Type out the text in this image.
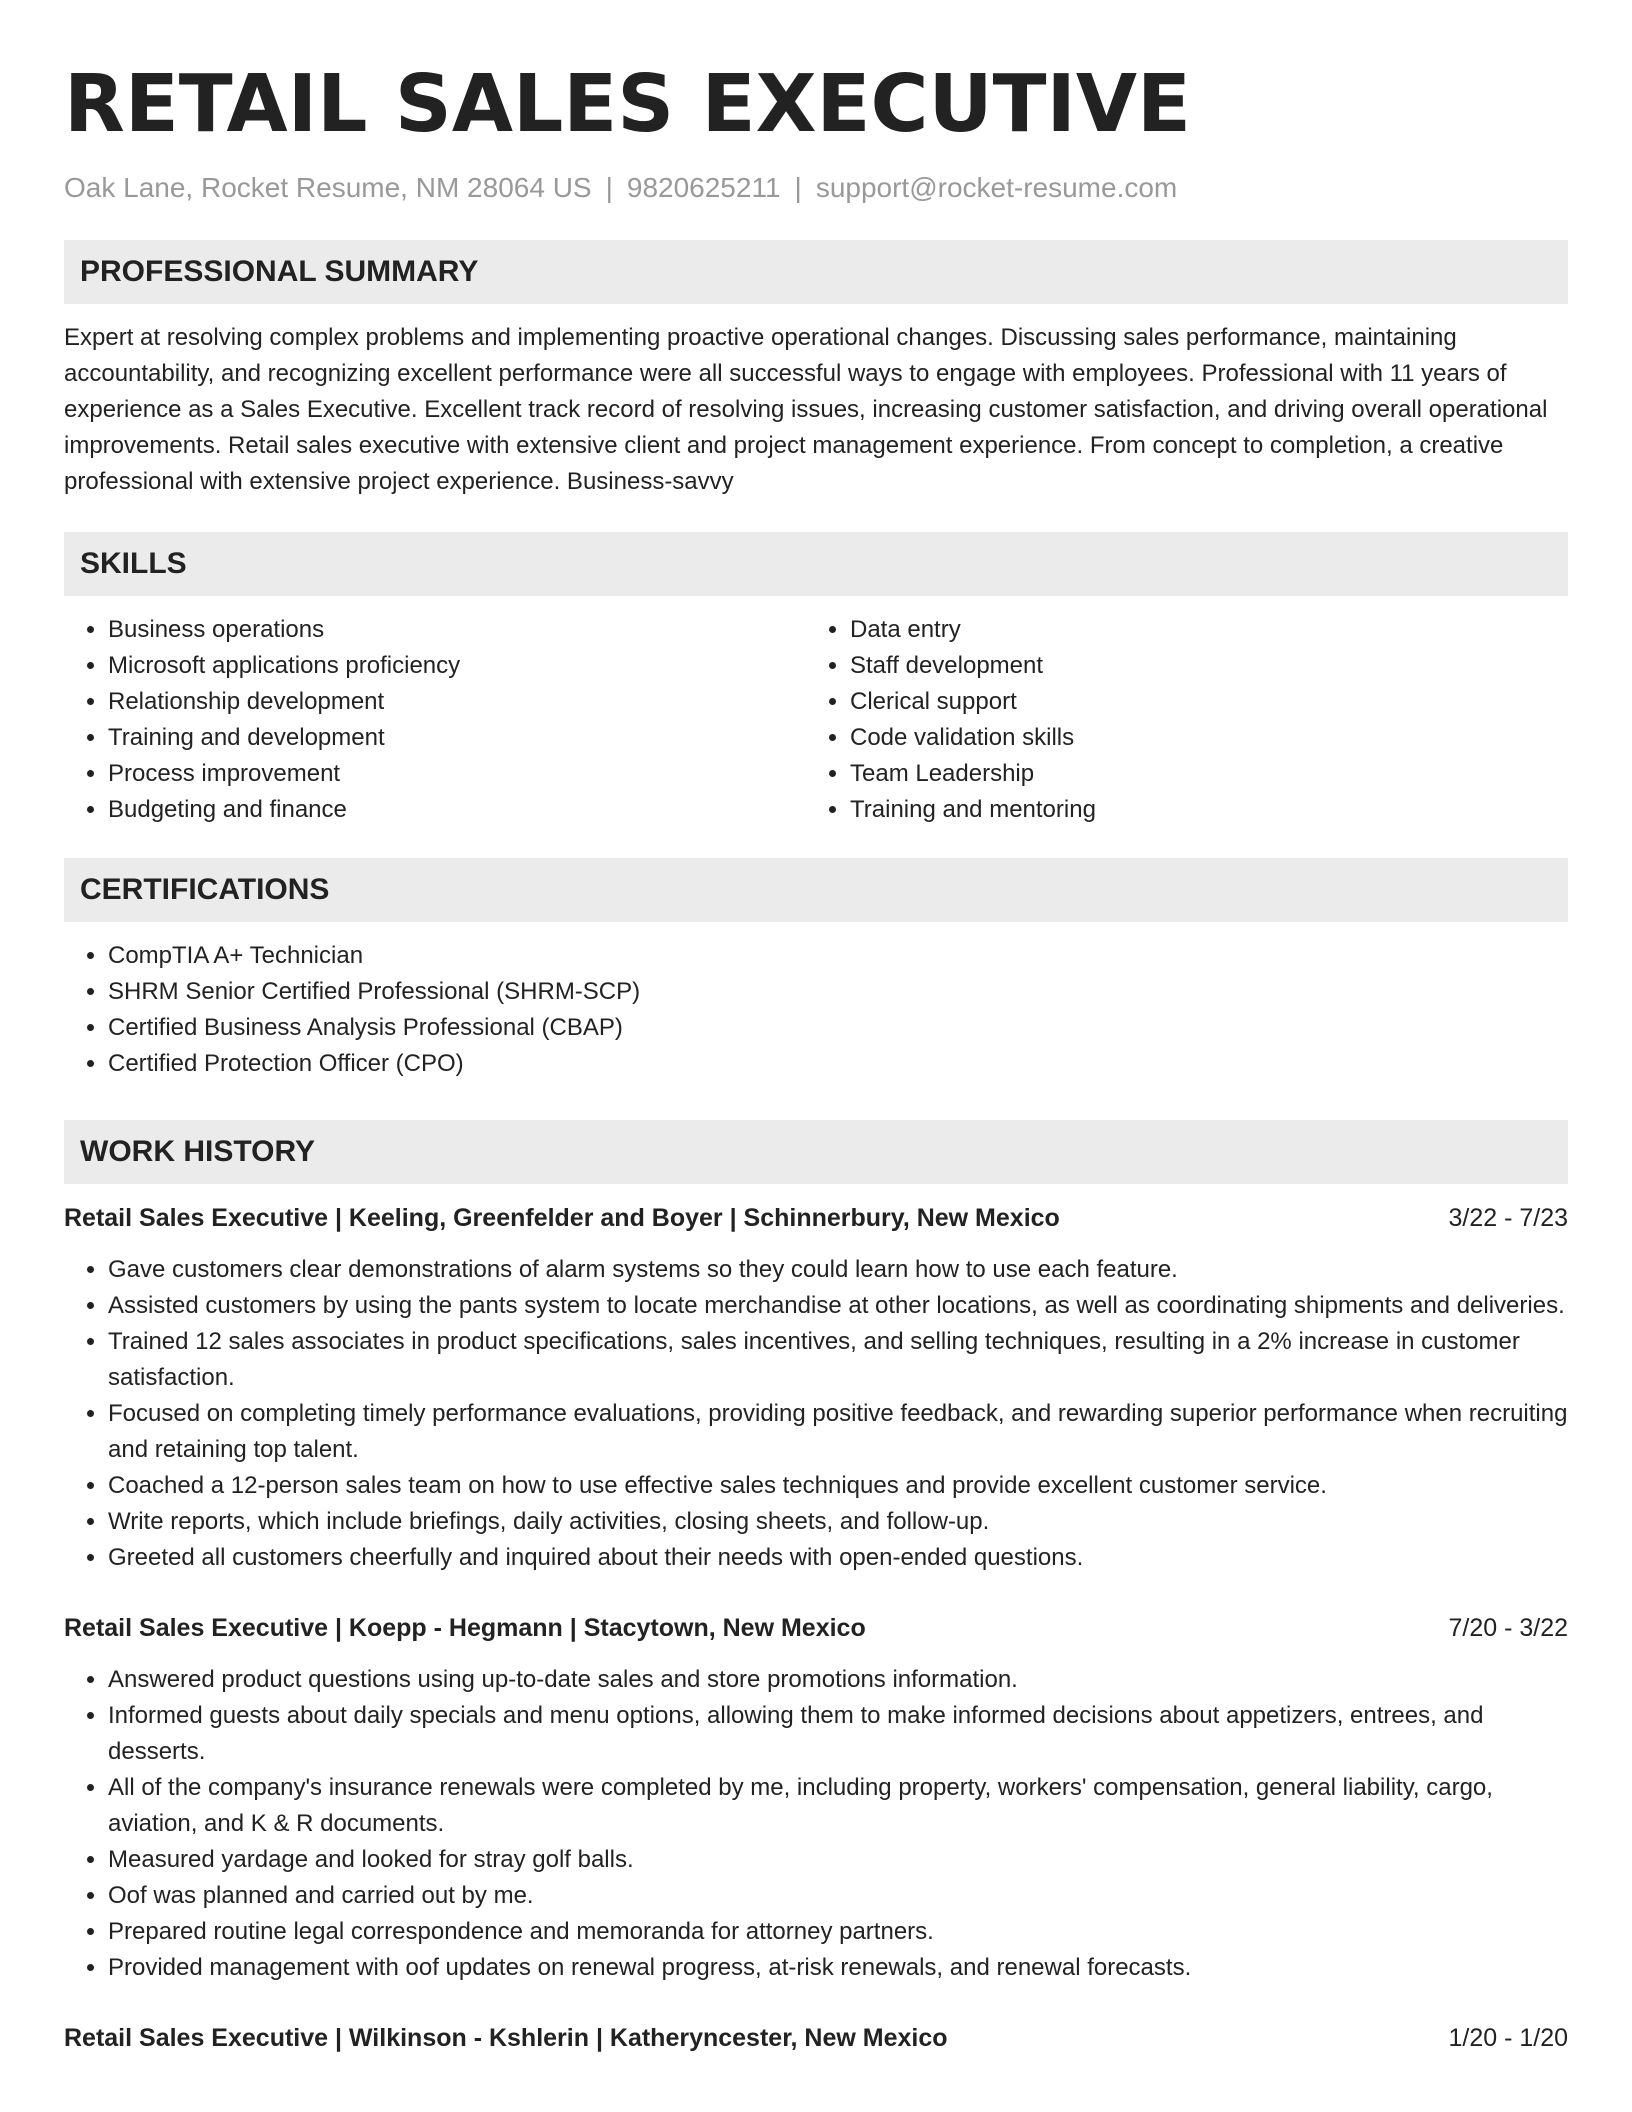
RETAIL SALES EXECUTIVE
Oak Lane, Rocket Resume, NM 28064 US | 9820625211 | support@rocket-resume.com
PROFESSIONAL SUMMARY

Expert at resolving complex problems and implementing proactive operational changes. Discussing sales performance, maintaining accountability, and recognizing excellent performance were all successful ways to engage with employees. Professional with 11 years of experience as a Sales Executive. Excellent track record of resolving issues, increasing customer satisfaction, and driving overall operational improvements. Retail sales executive with extensive client and project management experience. From concept to completion, a creative professional with extensive project experience. Business-savvy

SKILLS
• Business operations
• Microsoft applications proficiency
• Relationship development
• Training and development
• Process improvement
• Budgeting and finance
• Data entry
• Staff development
• Clerical support
• Code validation skills
• Team Leadership
• Training and mentoring
CERTIFICATIONS
• CompTIA A+ Technician
• SHRM Senior Certified Professional (SHRM-SCP)
• Certified Business Analysis Professional (CBAP)
• Certified Protection Officer (CPO)
WORK HISTORY
Retail Sales Executive | Keeling, Greenfelder and Boyer | Schinnerbury, New Mexico	3/22 - 7/23
• Gave customers clear demonstrations of alarm systems so they could learn how to use each feature.
• Assisted customers by using the pants system to locate merchandise at other locations, as well as coordinating shipments and deliveries.
• Trained 12 sales associates in product specifications, sales incentives, and selling techniques, resulting in a 2% increase in customer satisfaction.
• Focused on completing timely performance evaluations, providing positive feedback, and rewarding superior performance when recruiting and retaining top talent.
• Coached a 12-person sales team on how to use effective sales techniques and provide excellent customer service.
• Write reports, which include briefings, daily activities, closing sheets, and follow-up.
• Greeted all customers cheerfully and inquired about their needs with open-ended questions.
Retail Sales Executive | Koepp - Hegmann | Stacytown, New Mexico	7/20 - 3/22
• Answered product questions using up-to-date sales and store promotions information.
• Informed guests about daily specials and menu options, allowing them to make informed decisions about appetizers, entrees, and desserts.
• All of the company's insurance renewals were completed by me, including property, workers' compensation, general liability, cargo, aviation, and K & R documents.
• Measured yardage and looked for stray golf balls.
• Oof was planned and carried out by me.
• Prepared routine legal correspondence and memoranda for attorney partners.
• Provided management with oof updates on renewal progress, at-risk renewals, and renewal forecasts.
Retail Sales Executive | Wilkinson - Kshlerin | Katheryncester, New Mexico	1/20 - 1/20
